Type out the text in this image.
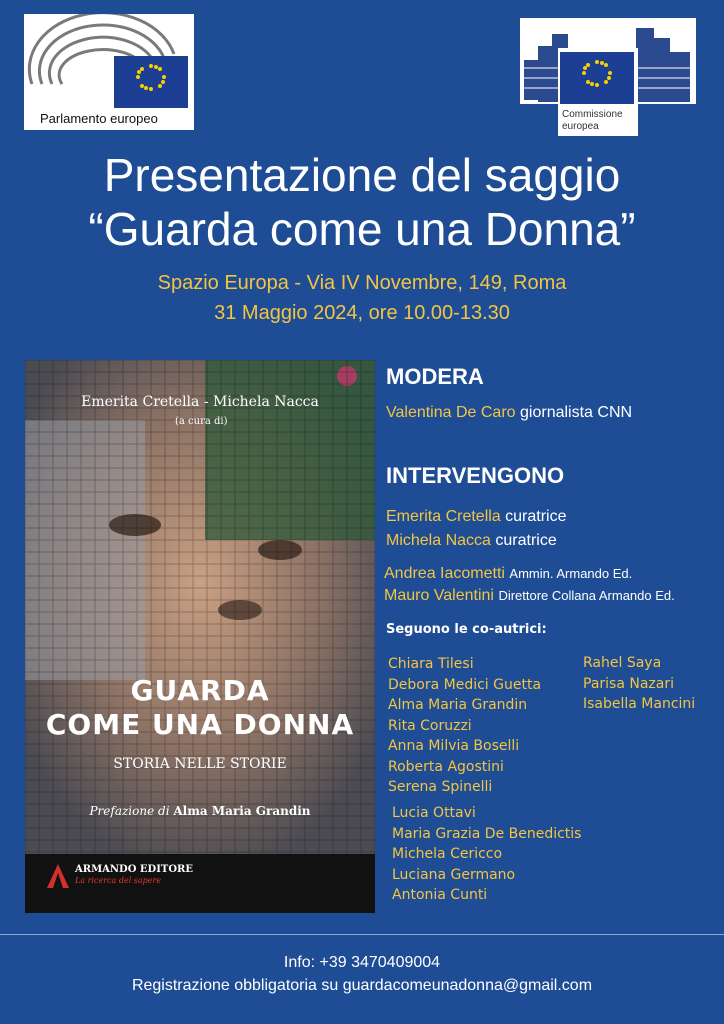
Parlamento europeo	Commissione
europea
Presentazione del saggio
“Guarda come una Donna”
Spazio Europa - Via IV Novembre, 149, Roma
31 Maggio 2024, ore 10.00-13.30
Emerita Cretella - Michela Nacca
(a cura di)
GUARDA
COME UNA DONNA
STORIA NELLE STORIE
Prefazione di Alma Maria Grandin
ARMANDO EDITORE
La ricerca del sapere
MODERA
Valentina De Caro giornalista CNN
INTERVENGONO
Emerita Cretella curatrice
Michela Nacca curatrice
Andrea Iacometti Ammin. Armando Ed.
Mauro Valentini Direttore Collana Armando Ed.
Seguono le co-autrici:
Chiara Tilesi
Debora Medici Guetta
Alma Maria Grandin
Rita Coruzzi
Anna Milvia Boselli
Roberta Agostini
Serena Spinelli
Rahel Saya
Parisa Nazari
Isabella Mancini
Lucia Ottavi
Maria Grazia De Benedictis
Michela Cericco
Luciana Germano
Antonia Cunti
Info: +39 3470409004
Registrazione obbligatoria su guardacomeunadonna@gmail.com
